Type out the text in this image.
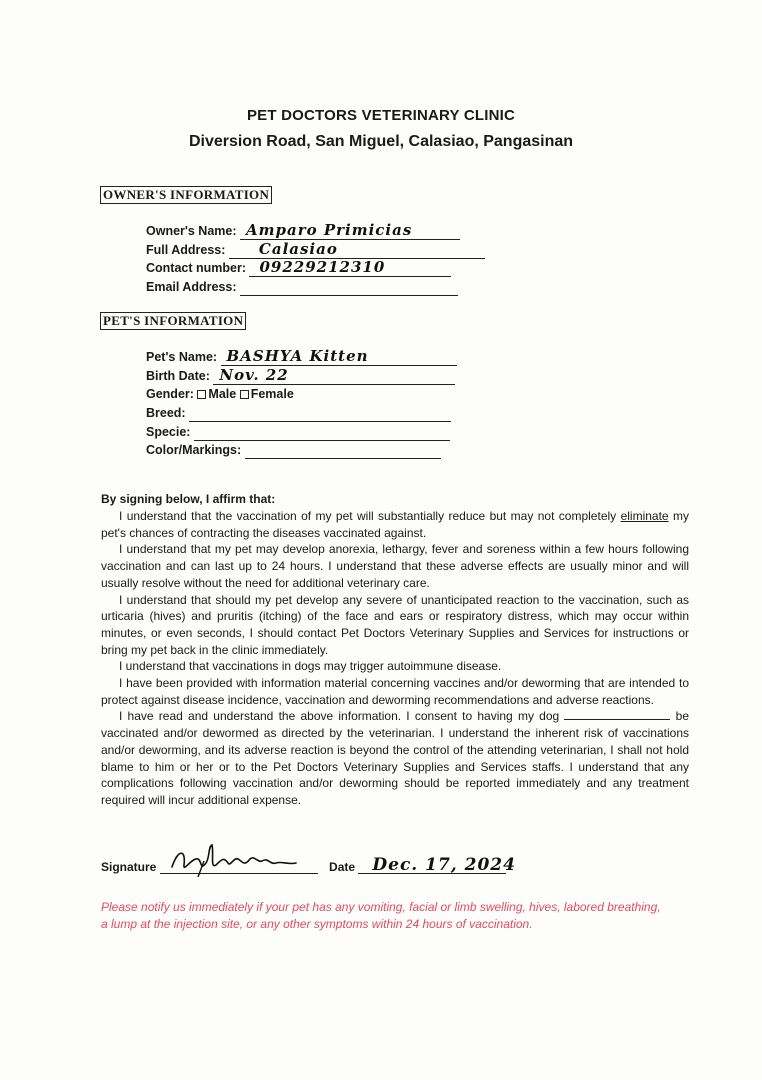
PET DOCTORS VETERINARY CLINIC
Diversion Road, San Miguel, Calasiao, Pangasinan
OWNER'S INFORMATION
Owner's Name: Amparo Primicias
Full Address: Calasiao
Contact number: 09229212310
Email Address:
PET'S INFORMATION
Pet's Name: BASHYA Kitten
Birth Date: Nov. 22
Gender: Male Female
Breed:
Specie:
Color/Markings:
By signing below, I affirm that:

I understand that the vaccination of my pet will substantially reduce but may not completely eliminate my pet's chances of contracting the diseases vaccinated against.

I understand that my pet may develop anorexia, lethargy, fever and soreness within a few hours following vaccination and can last up to 24 hours. I understand that these adverse effects are usually minor and will usually resolve without the need for additional veterinary care.

I understand that should my pet develop any severe of unanticipated reaction to the vaccination, such as urticaria (hives) and pruritis (itching) of the face and ears or respiratory distress, which may occur within minutes, or even seconds, I should contact Pet Doctors Veterinary Supplies and Services for instructions or bring my pet back in the clinic immediately.

I understand that vaccinations in dogs may trigger autoimmune disease.

I have been provided with information material concerning vaccines and/or deworming that are intended to protect against disease incidence, vaccination and deworming recommendations and adverse reactions.

I have read and understand the above information. I consent to having my dog	be vaccinated and/or dewormed as directed by the veterinarian. I understand the inherent risk of vaccinations and/or deworming, and its adverse reaction is beyond the control of the attending veterinarian, I shall not hold blame to him or her or to the Pet Doctors Veterinary Supplies and Services staffs. I understand that any complications following vaccination and/or deworming should be reported immediately and any treatment required will incur additional expense.

Signature	Date Dec. 17, 2024
Please notify us immediately if your pet has any vomiting, facial or limb swelling, hives, labored breathing, a lump at the injection site, or any other symptoms within 24 hours of vaccination.
